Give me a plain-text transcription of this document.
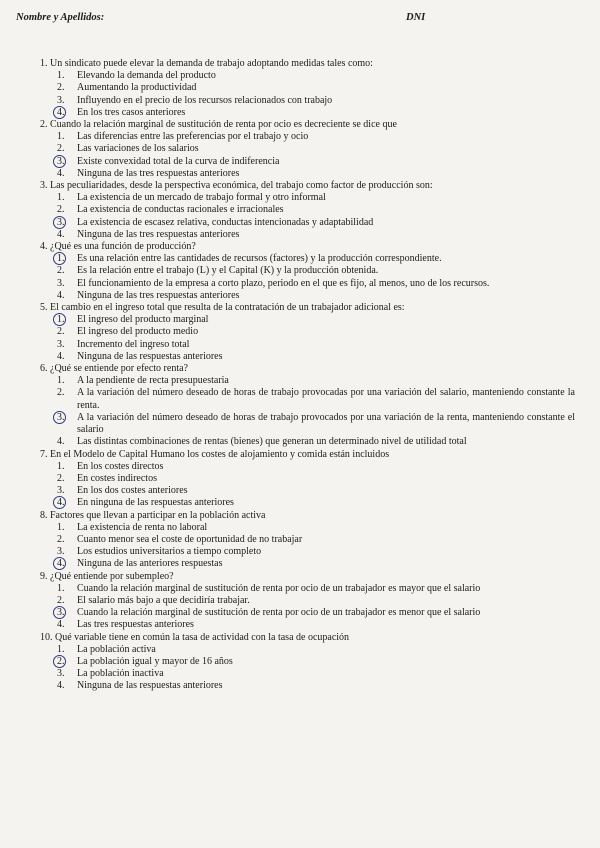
Nombre y Apellidos:	DNI
1. Un sindicato puede elevar la demanda de trabajo adoptando medidas tales como:
1. Elevando la demanda del producto
2. Aumentando la productividad
3. Influyendo en el precio de los recursos relacionados con trabajo
4. En los tres casos anteriores
2. Cuando la relación marginal de sustitución de renta por ocio es decreciente se dice que
1. Las diferencias entre las preferencias por el trabajo y ocio
2. Las variaciones de los salarios
3. Existe convexidad total de la curva de indiferencia
4. Ninguna de las tres respuestas anteriores
3. Las peculiaridades, desde la perspectiva económica, del trabajo como factor de producción son:
1. La existencia de un mercado de trabajo formal y otro informal
2. La existencia de conductas racionales e irracionales
3. La existencia de escasez relativa, conductas intencionadas y adaptabilidad
4. Ninguna de las tres respuestas anteriores
4. ¿Qué es una función de producción?
1. Es una relación entre las cantidades de recursos (factores) y la producción correspondiente.
2. Es la relación entre el trabajo (L) y el Capital (K) y la producción obtenida.
3. El funcionamiento de la empresa a corto plazo, periodo en el que es fijo, al menos, uno de los recursos.
4. Ninguna de las tres respuestas anteriores
5. El cambio en el ingreso total que resulta de la contratación de un trabajador adicional es:
1. El ingreso del producto marginal
2. El ingreso del producto medio
3. Incremento del ingreso total
4. Ninguna de las respuestas anteriores
6. ¿Qué se entiende por efecto renta?
1. A la pendiente de recta presupuestaria
2. A la variación del número deseado de horas de trabajo provocadas por una variación del salario, manteniendo constante la renta.
3. A la variación del número deseado de horas de trabajo provocados por una variación de la renta, manteniendo constante el salario
4. Las distintas combinaciones de rentas (bienes) que generan un determinado nivel de utilidad total
7. En el Modelo de Capital Humano los costes de alojamiento y comida están incluidos
1. En los costes directos
2. En costes indirectos
3. En los dos costes anteriores
4. En ninguna de las respuestas anteriores
8. Factores que llevan a participar en la población activa
1. La existencia de renta no laboral
2. Cuanto menor sea el coste de oportunidad de no trabajar
3. Los estudios universitarios a tiempo completo
4. Ninguna de las anteriores respuestas
9. ¿Qué entiende por subempleo?
1. Cuando la relación marginal de sustitución de renta por ocio de un trabajador es mayor que el salario
2. El salario más bajo a que decidiría trabajar.
3. Cuando la relación marginal de sustitución de renta por ocio de un trabajador es menor que el salario
4. Las tres respuestas anteriores
10. Qué variable tiene en común la tasa de actividad con la tasa de ocupación
1. La población activa
2. La población igual y mayor de 16 años
3. La población inactiva
4. Ninguna de las respuestas anteriores
